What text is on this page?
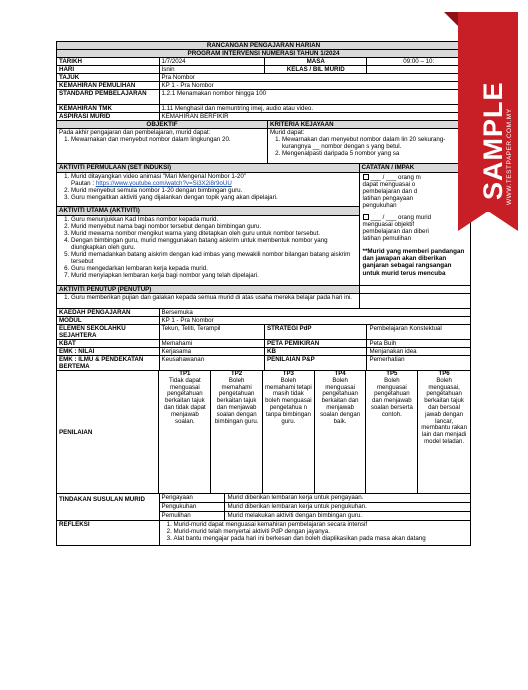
RANCANGAN PENGAJARAN HARIAN
PROGRAM INTERVENSI NUMERASI TAHUN 1/2024
TARIKH	1/7/2024	MASA	09:00 – 10:
HARI	Isnin	KELAS / BIL MURID
TAJUK	Pra Nombor
KEMAHIRAN PEMULIHAN	KP 1 - Pra Nombor
STANDARD PEMBELAJARAN	1.2.1 Menamakan nombor hingga 100
KEMAHIRAN TMK	1.11 Menghasil dan memuntring imej, audio atau video.
ASPIRASI MURID	KEMAHIRAN BERFIKIR
OBJEKTIF	KRITERIA KEJAYAAN
Pada akhir pengajaran dan pembelajaran, murid dapat:
1. Mewarnakan dan menyebut nombor dalam lingkungan 20.
Murid dapat:
1. Mewarnakan dan menyebut nombor dalam lin 20 sekurang-kurangnya __ nombor dengan s yang betul.
2. Mengenalpasti daripada 5 nombor yang sa
AKTIVITI PERMULAAN (SET INDUKSI)
1. Murid ditayangkan video animasi "Mari Mengenal Nombor 1-20"
Pautan : https://www.youtube.com/watch?v=Si3X2i8r9oUU
2. Murid menyebut semula nombor 1-20 dengan bimbingan guru.
3. Guru mengaitkan aktiviti yang dijalankan dengan topik yang akan dipelajari.
AKTIVITI UTAMA (AKTIVITI)
1. Guru menunjukkan Kad Imbas nombor kepada murid.
2. Murid menyebut nama bagi nombor tersebut dengan bimbingan guru.
3. Murid mewarna nombor mengikut warna yang ditetapkan oleh guru untuk nombor tersebut.
4. Dengan bimbingan guru, murid menggunakan batang aiskrim untuk membentuk nombor yang diungkapkan oleh guru.
5. Murid memadankan batang aiskrim dengan kad imbas yang mewakili nombor bilangan batang aiskrim tersebut
6. Guru mengedarkan lembaran kerja kepada murid.
7. Murid menyiapkan lembaran kerja bagi nombor yang telah dipelajari.
CATATAN / IMPAK
___ / ___ orang m
dapat menguasai o
pembelajaran dan d
latihan pengayaan
pengukuhan
___ / ___ orang murid
menguasai objektif
pembelajaran dan diberi
latihan pemulihan
**Murid yang memberi pandangan dan jawapan akan diberikan ganjaran sebagai rangsangan untuk murid terus mencuba
AKTIVITI PENUTUP (PENUTUP)
1. Guru memberikan pujian dan galakan kepada semua murid di atas usaha mereka belajar pada hari ini.
KAEDAH PENGAJARAN	Bersemuka
MODUL	KP 1 - Pra Nombor
ELEMEN SEKOLAHKU SEJAHTERA
Tekun, Teliti, Terampil	STRATEGI PdP	Pembelajaran Konstektual
KBAT	Memahami	PETA PEMIKIRAN	Peta Buih
EMK : NILAI	Kerjasama	KB	Menjanakan idea
EMK : ILMU & PENDEKATAN BERTEMA
Keusahawanan	PENILAIAN P&P	Pemerhatian
PENILAIAN
TP1
Tidak dapat menguasai pengetahuan berkaitan tajuk dan tidak dapat menjawab soalan.
TP2
Boleh memahami pengetahuan berkaitan tajuk dan menjawab soalan dengan bimbingan guru.
TP3
Boleh memahami tetapi masih tidak boleh menguasai pengetahua n tanpa bimbingan guru.
TP4
Boleh menguasai pengetahuan berkaitan dan menjawab soalan dengan baik.
TP5
Boleh menguasai pengetahuan dan menjawab soalan berserta contoh.
TP6
Boleh menguasai, pengetahuan berkaitan tajuk dan bersoal jawab dengan lancar, membantu rakan lain dan menjadi model teladan.
TINDAKAN SUSULAN MURID	Pengayaan	Murid diberikan lembaran kerja untuk pengayaan.
Pengukuhan	Murid diberikan lembaran kerja untuk pengukuhan.
Pemulihan	Murid melakukan aktiviti dengan bimbingan guru.
REFLEKSI
1.	Murid-murid dapat menguasai kemahiran pembelajaran secara intensif
2. Murid-murid telah menyertai aktiviti PdP dengan jayanya.
3. Alat bantu mengajar pada hari ini berkesan dan boleh diaplikasikan pada masa akan datang
SAMPLE
WWW.TESTPAPER.COM.MY
